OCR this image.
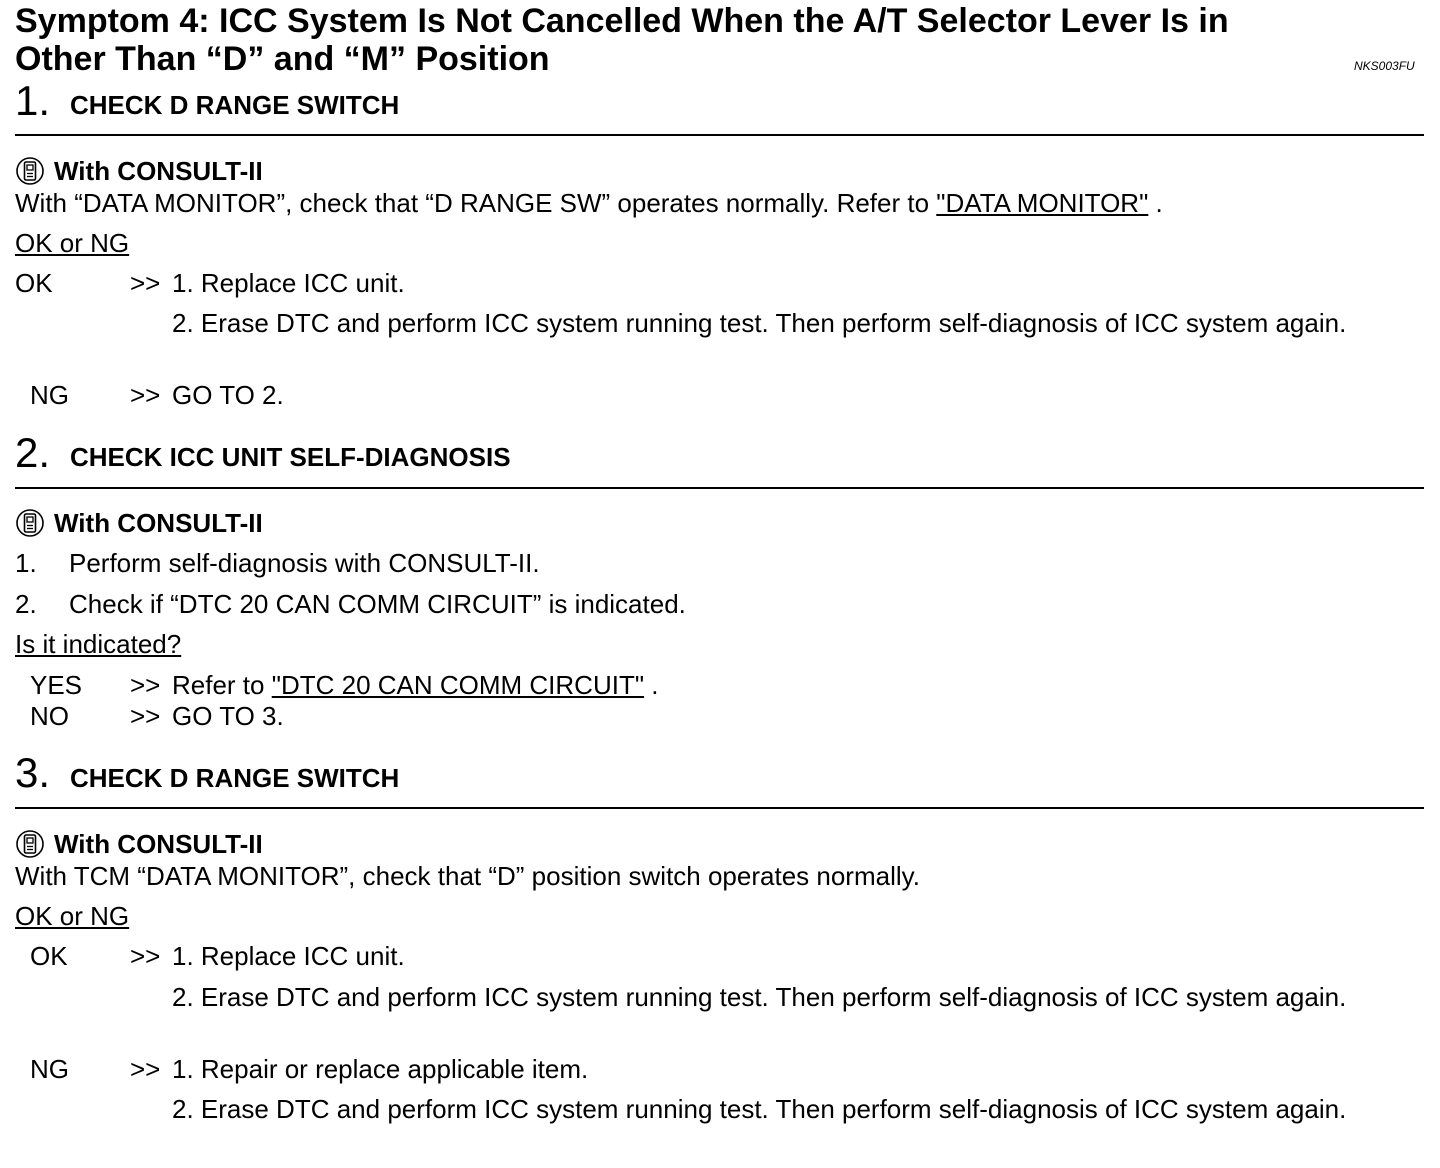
Symptom 4: ICC System Is Not Cancelled When the A/T Selector Lever Is in
Other Than “D” and “M” Position	NKS003FU
1. CHECK D RANGE SWITCH
With CONSULT-II
With “DATA MONITOR”, check that “D RANGE SW” operates normally. Refer to "DATA MONITOR" .
OK or NG
OK	>> 1. Replace ICC unit.
2. Erase DTC and perform ICC system running test. Then perform self-diagnosis of ICC system again.
NG >> GO TO 2.
2. CHECK ICC UNIT SELF-DIAGNOSIS
With CONSULT-II
1. Perform self-diagnosis with CONSULT-II.
2. Check if “DTC 20 CAN COMM CIRCUIT” is indicated.
Is it indicated?
YES >> Refer to "DTC 20 CAN COMM CIRCUIT" .
NO >> GO TO 3.
3. CHECK D RANGE SWITCH
With CONSULT-II
With TCM “DATA MONITOR”, check that “D” position switch operates normally.
OK or NG
OK >> 1. Replace ICC unit.
2. Erase DTC and perform ICC system running test. Then perform self-diagnosis of ICC system again.
NG >> 1. Repair or replace applicable item.
2. Erase DTC and perform ICC system running test. Then perform self-diagnosis of ICC system again.
